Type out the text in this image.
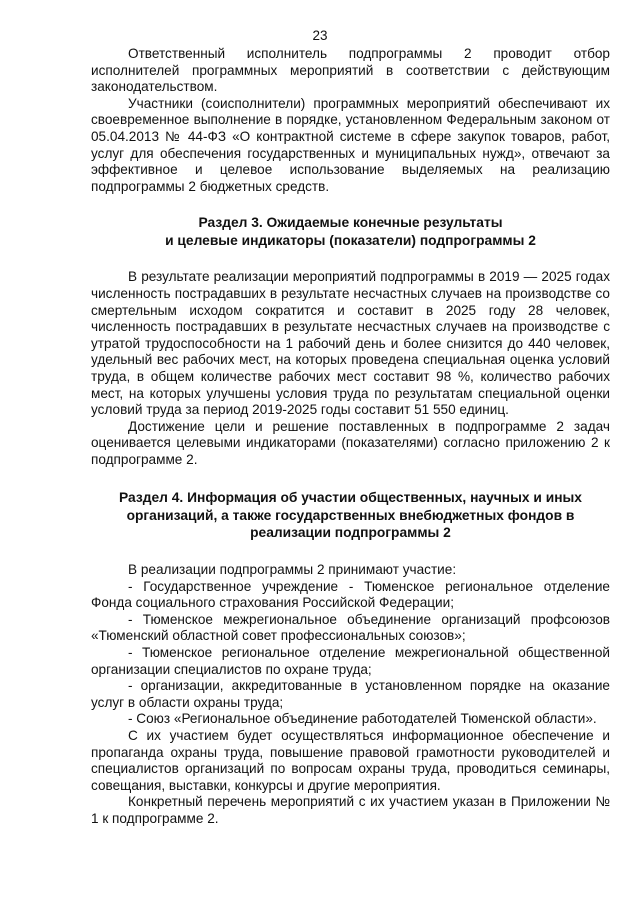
23

Ответственный исполнитель подпрограммы 2 проводит отбор исполнителей программных мероприятий в соответствии с действующим законодательством.

Участники (соисполнители) программных мероприятий обеспечивают их своевременное выполнение в порядке, установленном Федеральным законом от 05.04.2013 № 44-ФЗ «О контрактной системе в сфере закупок товаров, работ, услуг для обеспечения государственных и муниципальных нужд», отвечают за эффективное и целевое использование выделяемых на реализацию подпрограммы 2 бюджетных средств.

Раздел 3. Ожидаемые конечные результаты
и целевые индикаторы (показатели) подпрограммы 2

В результате реализации мероприятий подпрограммы в 2019 — 2025 годах численность пострадавших в результате несчастных случаев на производстве со смертельным исходом сократится и составит в 2025 году 28 человек, численность пострадавших в результате несчастных случаев на производстве с утратой трудоспособности на 1 рабочий день и более снизится до 440 человек, удельный вес рабочих мест, на которых проведена специальная оценка условий труда, в общем количестве рабочих мест составит 98 %, количество рабочих мест, на которых улучшены условия труда по результатам специальной оценки условий труда за период 2019-2025 годы составит 51 550 единиц.

Достижение цели и решение поставленных в подпрограмме 2 задач оценивается целевыми индикаторами (показателями) согласно приложению 2 к подпрограмме 2.

Раздел 4. Информация об участии общественных, научных и иных
организаций, а также государственных внебюджетных фондов в
реализации подпрограммы 2

В реализации подпрограммы 2 принимают участие:

- Государственное учреждение - Тюменское региональное отделение Фонда социального страхования Российской Федерации;

- Тюменское межрегиональное объединение организаций профсоюзов «Тюменский областной совет профессиональных союзов»;

- Тюменское региональное отделение межрегиональной общественной организации специалистов по охране труда;

- организации, аккредитованные в установленном порядке на оказание услуг в области охраны труда;

- Союз «Региональное объединение работодателей Тюменской области».

С их участием будет осуществляться информационное обеспечение и пропаганда охраны труда, повышение правовой грамотности руководителей и специалистов организаций по вопросам охраны труда, проводиться семинары, совещания, выставки, конкурсы и другие мероприятия.

Конкретный перечень мероприятий с их участием указан в Приложении № 1 к подпрограмме 2.
